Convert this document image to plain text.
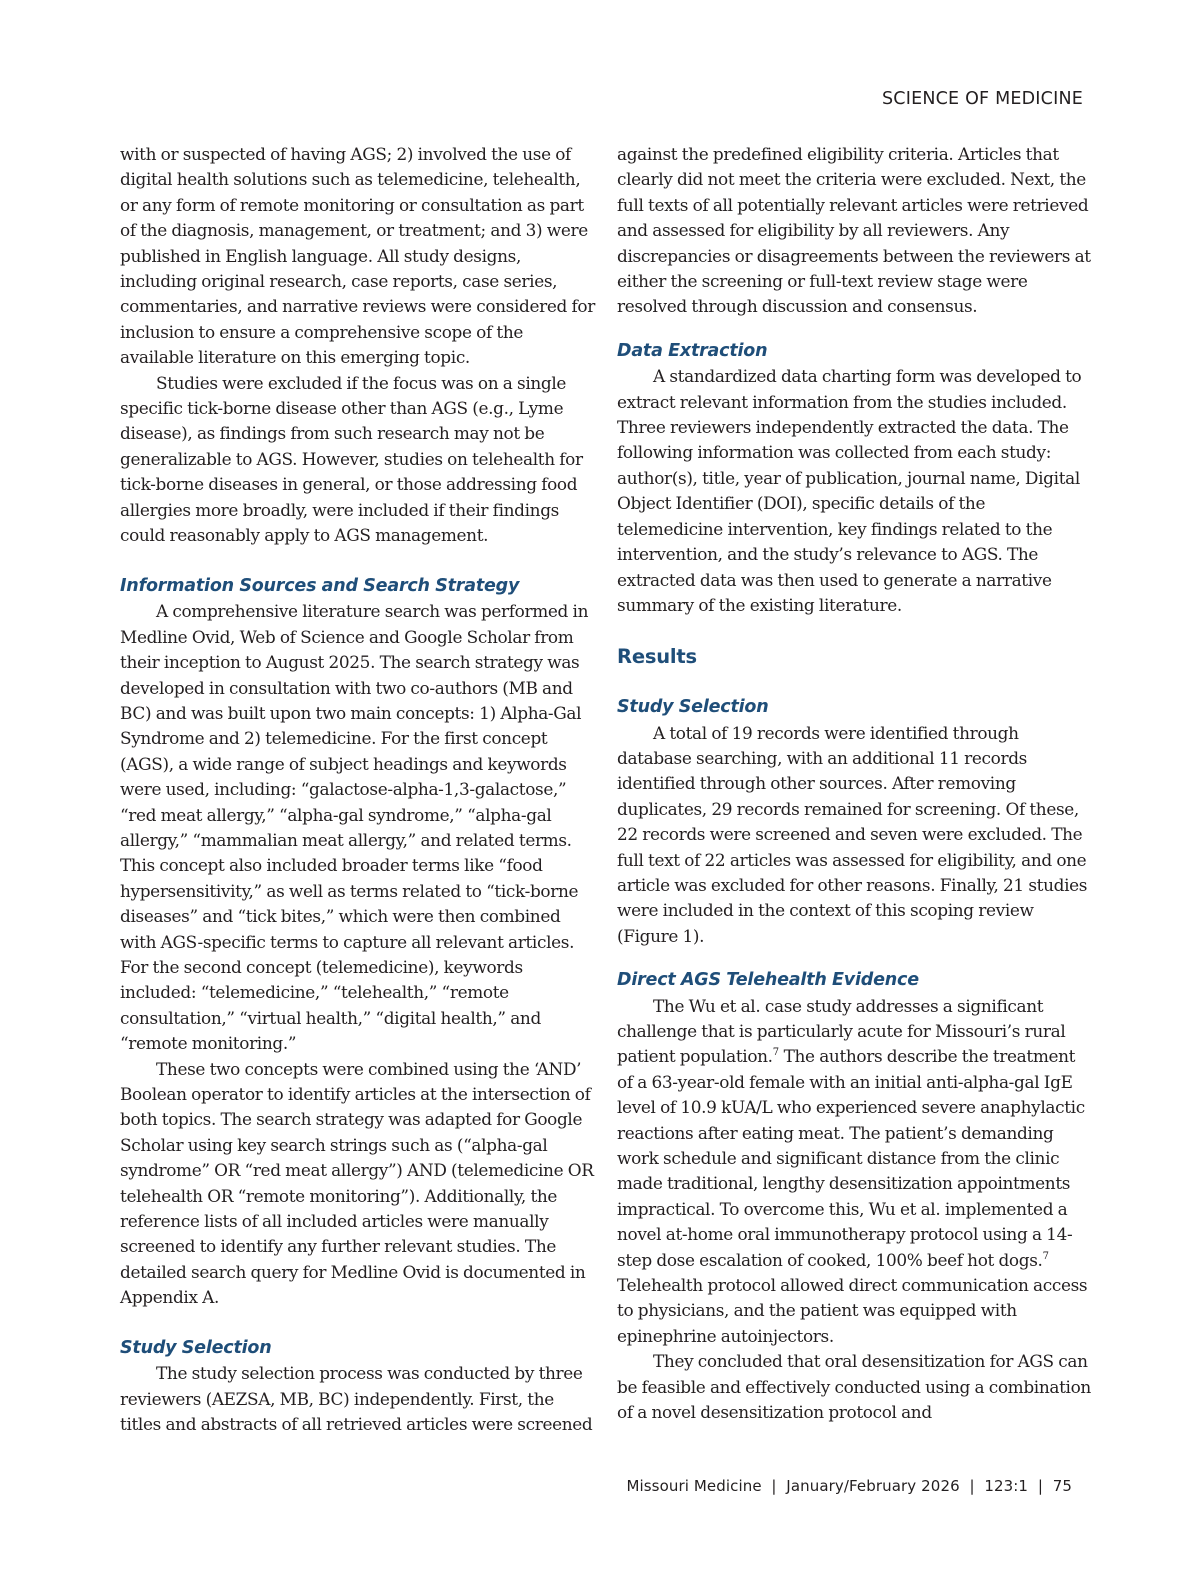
SCIENCE OF MEDICINE

with or suspected of having AGS; 2) involved the use of digital health solutions such as telemedicine, telehealth, or any form of remote monitoring or consultation as part of the diagnosis, management, or treatment; and 3) were published in English language. All study designs, including original research, case reports, case series, commentaries, and narrative reviews were considered for inclusion to ensure a comprehensive scope of the available literature on this emerging topic.

Studies were excluded if the focus was on a single specific tick-borne disease other than AGS (e.g., Lyme disease), as findings from such research may not be generalizable to AGS. However, studies on telehealth for tick-borne diseases in general, or those addressing food allergies more broadly, were included if their findings could reasonably apply to AGS management.

Information Sources and Search Strategy

A comprehensive literature search was performed in Medline Ovid, Web of Science and Google Scholar from their inception to August 2025. The search strategy was developed in consultation with two co-authors (MB and BC) and was built upon two main concepts: 1) Alpha-Gal Syndrome and 2) telemedicine. For the first concept (AGS), a wide range of subject headings and keywords were used, including: “galactose-alpha-1,3-galactose,” “red meat allergy,” “alpha-gal syndrome,” “alpha-gal allergy,” “mammalian meat allergy,” and related terms. This concept also included broader terms like “food hypersensitivity,” as well as terms related to “tick-borne diseases” and “tick bites,” which were then combined with AGS-specific terms to capture all relevant articles. For the second concept (telemedicine), keywords included: “telemedicine,” “telehealth,” “remote consultation,” “virtual health,” “digital health,” and “remote monitoring.”

These two concepts were combined using the ‘AND’ Boolean operator to identify articles at the intersection of both topics. The search strategy was adapted for Google Scholar using key search strings such as (“alpha-gal syndrome” OR “red meat allergy”) AND (telemedicine OR telehealth OR “remote monitoring”). Additionally, the reference lists of all included articles were manually screened to identify any further relevant studies. The detailed search query for Medline Ovid is documented in Appendix A.

Study Selection

The study selection process was conducted by three reviewers (AEZSA, MB, BC) independently. First, the titles and abstracts of all retrieved articles were screened

against the predefined eligibility criteria. Articles that clearly did not meet the criteria were excluded. Next, the full texts of all potentially relevant articles were retrieved and assessed for eligibility by all reviewers. Any discrepancies or disagreements between the reviewers at either the screening or full-text review stage were resolved through discussion and consensus.

Data Extraction

A standardized data charting form was developed to extract relevant information from the studies included. Three reviewers independently extracted the data. The following information was collected from each study: author(s), title, year of publication, journal name, Digital Object Identifier (DOI), specific details of the telemedicine intervention, key findings related to the intervention, and the study’s relevance to AGS. The extracted data was then used to generate a narrative summary of the existing literature.

Results
Study Selection

A total of 19 records were identified through database searching, with an additional 11 records identified through other sources. After removing duplicates, 29 records remained for screening. Of these, 22 records were screened and seven were excluded. The full text of 22 articles was assessed for eligibility, and one article was excluded for other reasons. Finally, 21 studies were included in the context of this scoping review (Figure 1).

Direct AGS Telehealth Evidence

The Wu et al. case study addresses a significant challenge that is particularly acute for Missouri’s rural patient population.$^7$ The authors describe the treatment of a 63-year-old female with an initial anti-alpha-gal IgE level of 10.9 kUA/L who experienced severe anaphylactic reactions after eating meat. The patient’s demanding work schedule and significant distance from the clinic made traditional, lengthy desensitization appointments impractical. To overcome this, Wu et al. implemented a novel at-home oral immunotherapy protocol using a 14-step dose escalation of cooked, 100% beef hot dogs.$^7$ Telehealth protocol allowed direct communication access to physicians, and the patient was equipped with epinephrine autoinjectors.

They concluded that oral desensitization for AGS can be feasible and effectively conducted using a combination of a novel desensitization protocol and

Missouri Medicine  |  January/February 2026  |  123:1  |  75
